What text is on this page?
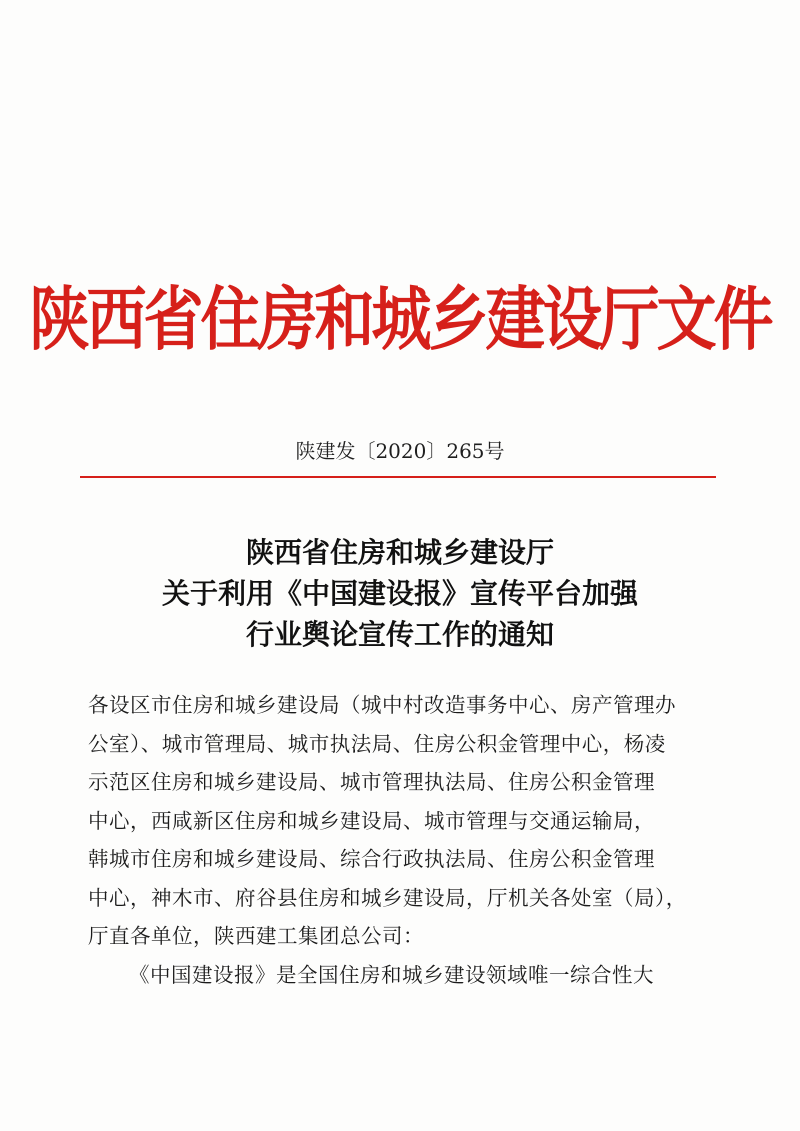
陕西省住房和城乡建设厅文件
陕建发〔2020〕265号
陕西省住房和城乡建设厅
关于利用《中国建设报》宣传平台加强
行业舆论宣传工作的通知
各设区市住房和城乡建设局（城中村改造事务中心、房产管理办
公室）、城市管理局、城市执法局、住房公积金管理中心，杨凌
示范区住房和城乡建设局、城市管理执法局、住房公积金管理
中心，西咸新区住房和城乡建设局、城市管理与交通运输局，
韩城市住房和城乡建设局、综合行政执法局、住房公积金管理
中心，神木市、府谷县住房和城乡建设局，厅机关各处室（局），
厅直各单位，陕西建工集团总公司：
《中国建设报》是全国住房和城乡建设领域唯一综合性大
